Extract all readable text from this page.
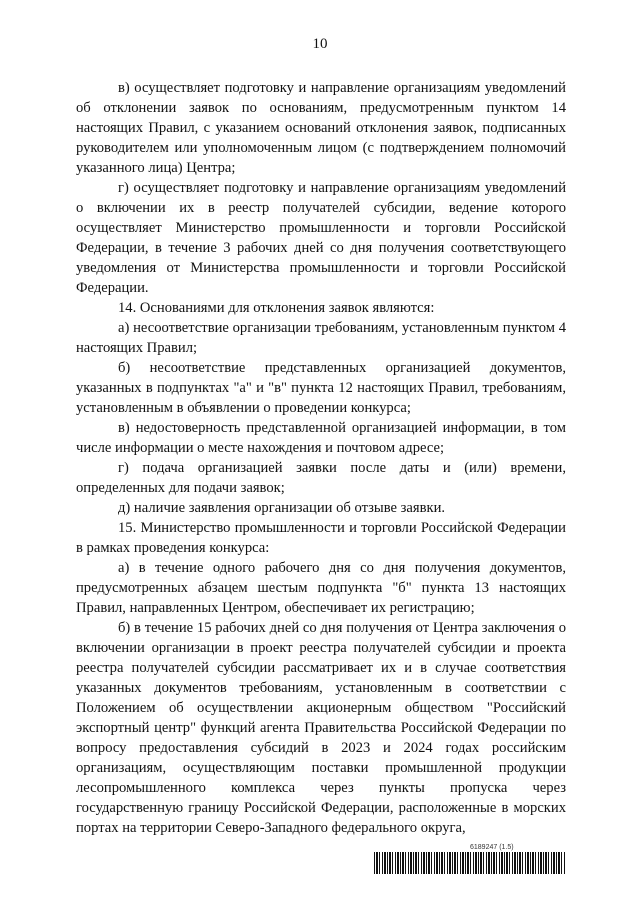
10

в) осуществляет подготовку и направление организациям уведомлений об отклонении заявок по основаниям, предусмотренным пунктом 14 настоящих Правил, с указанием оснований отклонения заявок, подписанных руководителем или уполномоченным лицом (с подтверждением полномочий указанного лица) Центра;

г) осуществляет подготовку и направление организациям уведомлений о включении их в реестр получателей субсидии, ведение которого осуществляет Министерство промышленности и торговли Российской Федерации, в течение 3 рабочих дней со дня получения соответствующего уведомления от Министерства промышленности и торговли Российской Федерации.

14. Основаниями для отклонения заявок являются:

а) несоответствие организации требованиям, установленным пунктом 4 настоящих Правил;

б) несоответствие представленных организацией документов, указанных в подпунктах "а" и "в" пункта 12 настоящих Правил, требованиям, установленным в объявлении о проведении конкурса;

в) недостоверность представленной организацией информации, в том числе информации о месте нахождения и почтовом адресе;

г) подача организацией заявки после даты и (или) времени, определенных для подачи заявок;

д) наличие заявления организации об отзыве заявки.

15. Министерство промышленности и торговли Российской Федерации в рамках проведения конкурса:

а) в течение одного рабочего дня со дня получения документов, предусмотренных абзацем шестым подпункта "б" пункта 13 настоящих Правил, направленных Центром, обеспечивает их регистрацию;

б) в течение 15 рабочих дней со дня получения от Центра заключения о включении организации в проект реестра получателей субсидии и проекта реестра получателей субсидии рассматривает их и в случае соответствия указанных документов требованиям, установленным в соответствии с Положением об осуществлении акционерным обществом "Российский экспортный центр" функций агента Правительства Российской Федерации по вопросу предоставления субсидий в 2023 и 2024 годах российским организациям, осуществляющим поставки промышленной продукции лесопромышленного комплекса через пункты пропуска через государственную границу Российской Федерации, расположенные в морских портах на территории Северо-Западного федерального округа,

6189247 (1.5)
